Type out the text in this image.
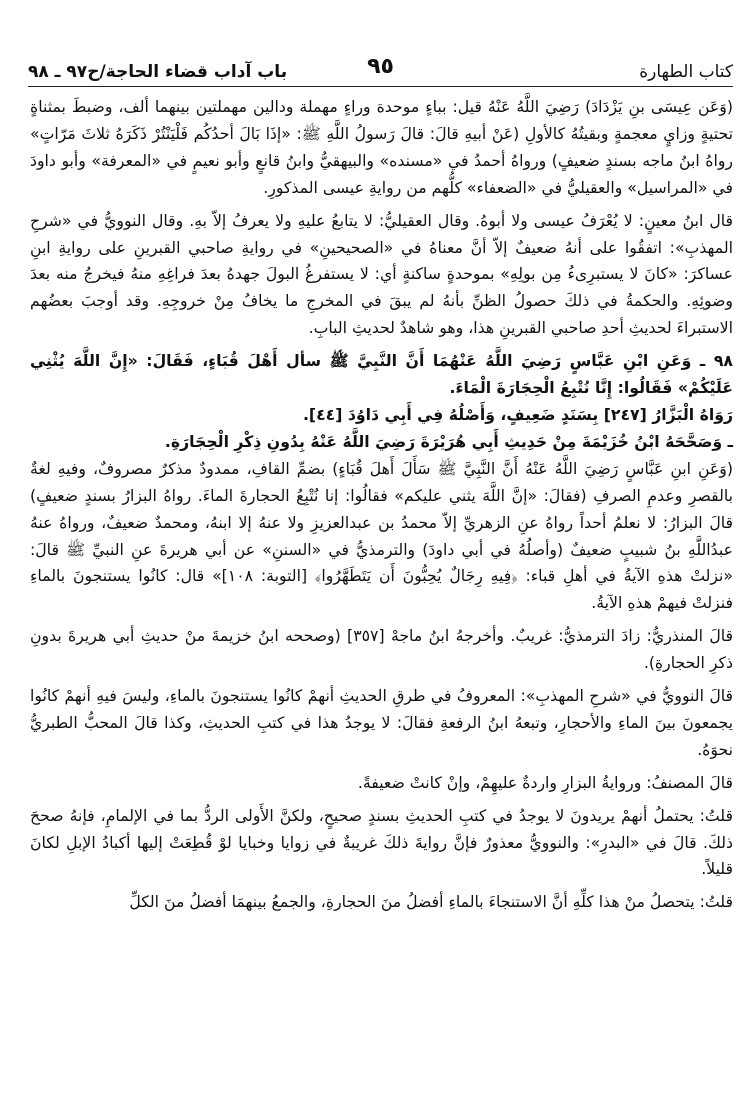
كتاب الطهارة
٩٥
باب آداب قضاء الحاجة/ح٩٧ ـ ٩٨

(وَعَن عِيسَى بنِ يَزْدَادَ) رَضِيَ اللَّهُ عَنْهُ قيل: بباءٍ موحدة وراءٍ مهملة ودالين مهملتين بينهما ألف، وضبطَ بمثناةٍ تحتيةٍ وزايٍ معجمةٍ وبقيتُهُ كالأولِ (عَنْ أبيهِ قالَ: قالَ رَسولُ اللَّهِ ﷺ: «إذَا بَالَ أحدُكُم فَلْيَنْتُرْ ذَكَرَهُ ثلاثَ مَرّاتٍ» رواهُ ابنُ ماجه بسندٍ ضعيفٍ) ورواهُ أحمدُ في «مسنده» والبيهقيُّ وابنُ قانعٍ وأبو نعيمٍ في «المعرفة» وأبو داودَ في «المراسيل» والعقيليُّ في «الضعفاء» كلُّهم من روايةِ عيسى المذكورِ.

قال ابنُ معينٍ: لا يُعْرَفُ عيسى ولا أبوهُ. وقال العقيليُّ: لا يتابعُ عليهِ ولا يعرفُ إلاّ بهِ. وقال النوويُّ في «شرحِ المهذبِ»: اتفقُوا على أنهُ ضعيفٌ إلاّ أنَّ معناهُ في «الصحيحينِ» في روايةِ صاحبي القبرينِ على روايةِ ابنِ عساكرَ: «كانَ لا يستبرِىءُ مِن بولِهِ» بموحدةٍ ساكنةٍ أي: لا يستفرغُ البولَ جهدهُ بعدَ فراغِهِ منهُ فيخرجُ منه بعدَ وضوئِهِ. والحكمةُ في ذلكَ حصولُ الظنِّ بأنهُ لم يبقَ في المخرجِ ما يخافُ مِنْ خروجِهِ. وقد أوجبَ بعضُهم الاستبراءَ لحديثِ أحدِ صاحبي القبرينِ هذا، وهو شاهدٌ لحديثِ البابِ.

٩٨ ـ وَعَنِ ابْنِ عَبَّاسٍ رَضِيَ اللَّهُ عَنْهُمَا أَنَّ النَّبِيَّ ﷺ سأل أَهْلَ قُبَاءٍ، فَقَالَ: «إِنَّ اللَّهَ يُثْنِي عَلَيْكُمْ» فَقَالُوا: إِنَّا نُتْبِعُ الْحِجَارَةَ الْمَاءَ.

رَوَاهُ الْبَزَّارُ [٢٤٧] بِسَنَدٍ ضَعِيفٍ، وَأَصْلُهُ فِي أَبِي دَاوُدَ [٤٤].

ـ وَصَحَّحَهُ ابْنُ خُزَيْمَةَ مِنْ حَدِيثِ أَبِي هُرَيْرَةَ رَضِيَ اللَّهُ عَنْهُ بِدُونِ ذِكْرِ الْحِجَارَةِ.

(وَعَنِ ابنِ عَبَّاسٍ رَضِيَ اللَّهُ عَنْهُ أَنَّ النَّبِيَّ ﷺ سَأَلَ أَهلَ قُبَاءٍ) بضمِّ القافِ، ممدودٌ مذكرٌ مصروفٌ، وفيهِ لغةٌ بالقصرِ وعدمِ الصرفِ (فقالَ: «إنَّ اللَّهَ يثني عليكم» فقالُوا: إنا نُتْبِعُ الحجارةَ الماءَ. رواهُ البزارُ بسندٍ ضعيفٍ) قالَ البزارُ: لا نعلمُ أحداً رواهُ عنِ الزهريِّ إلاّ محمدُ بن عبدالعزيزِ ولا عنهُ إلا ابنهُ، ومحمدٌ ضعيفٌ، ورواهُ عنهُ عبدُاللَّهِ بنُ شبيبٍ ضعيفٌ (وأصلُهُ في أبي داودَ) والترمذيُّ في «السننِ» عن أبي هريرةَ عنِ النبيِّ ﷺ قالَ: «نزلتْ هذهِ الآيةُ في أهلِ قباء: ﴿فِيهِ رِجَالٌ يُحِبُّونَ أَن يَتَطَهَّرُوا﴾ [التوبة: ١٠٨]» قال: كانُوا يستنجونَ بالماءِ فنزلتْ فيهمْ هذهِ الآيةُ.

قالَ المنذريُّ: زادَ الترمذيُّ: غريبٌ. وأخرجهُ ابنُ ماجهْ [٣٥٧] (وصححه ابنُ خزيمةَ منْ حديثِ أبي هريرةَ بدونِ ذكرِ الحجارةِ).

قالَ النوويُّ في «شرحِ المهذبِ»: المعروفُ في طرقِ الحديثِ أنهمْ كانُوا يستنجونَ بالماءِ، وليسَ فيهِ أنهمْ كانُوا يجمعونَ بينَ الماءِ والأحجارِ، وتبعهُ ابنُ الرفعةِ فقالَ: لا يوجدُ هذا في كتبِ الحديثِ، وكذا قالَ المحبُّ الطبريُّ نحوَهُ.

قالَ المصنفُ: وروايةُ البزارِ واردةٌ عليهِمْ، وإنْ كانتْ ضعيفةً.

قلتُ: يحتملُ أنهمْ يريدونَ لا يوجدُ في كتبِ الحديثِ بسندٍ صحيحٍ، ولكنَّ الأَولى الردُّ بما في الإلمامِ، فإنهُ صححَ ذلكَ. قالَ في «البدرِ»: والنوويُّ معذورٌ فإنَّ روايةَ ذلكَ غريبةٌ في زوايا وخبايا لوْ قُطِعَتْ إليها أكبادُ الإبلِ لكانَ قليلاً.

قلتُ: يتحصلُ منْ هذا كلِّهِ أنَّ الاستنجاءَ بالماءِ أفضلُ منَ الحجارةِ، والجمعُ بينهمَا أفضلُ منَ الكلِّ
